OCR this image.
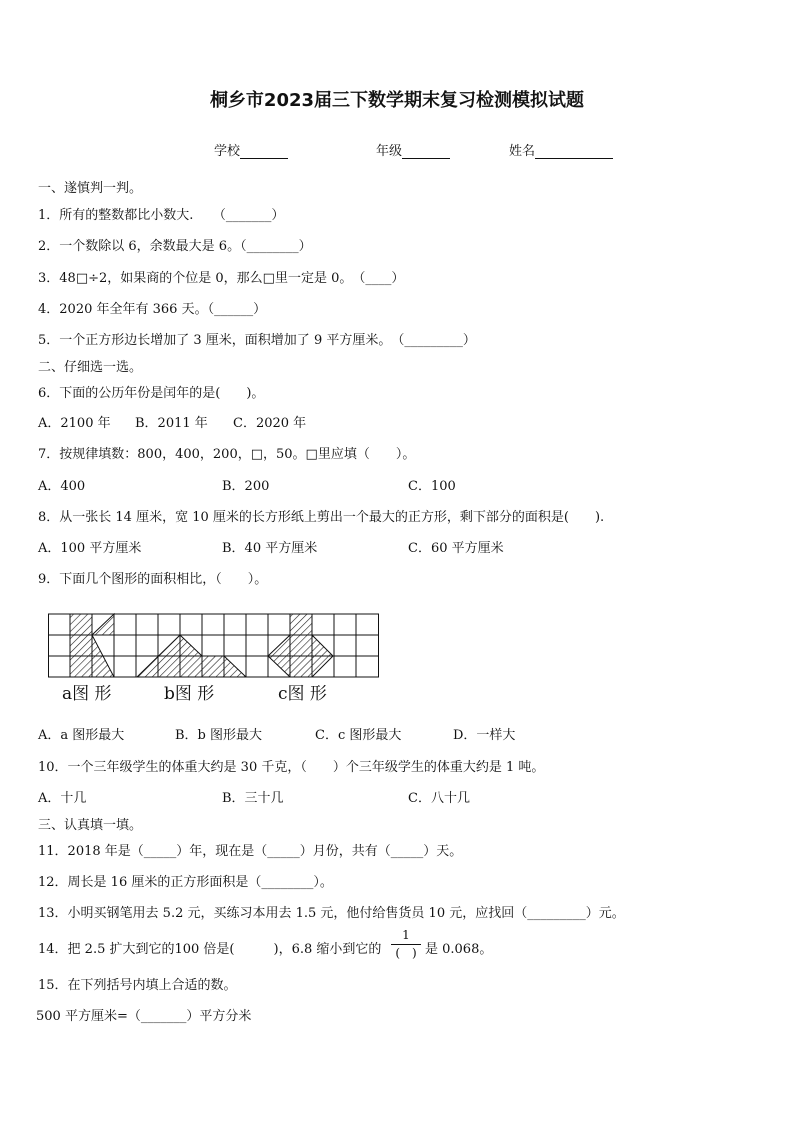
桐乡市2023届三下数学期末复习检测模拟试题
学校	年级	姓名
一、遂慎判一判。
1．所有的整数都比小数大.　　（_______）
2．一个数除以 6，余数最大是 6。（________）
3．48□÷2，如果商的个位是 0，那么□里一定是 0。　（____）
4．2020 年全年有 366 天。（______）
5．一个正方形边长增加了 3 厘米，面积增加了 9 平方厘米。　（_________）
二、仔细选一选。
6．下面的公历年份是闰年的是(　　)。
A．2100 年 B．2011 年 C．2020 年
7．按规律填数：800，400，200，□，50。□里应填（　　）。
A．400	B．200	C．100
8．从一张长 14 厘米，宽 10 厘米的长方形纸上剪出一个最大的正方形，剩下部分的面积是(　　).
A．100 平方厘米	B．40 平方厘米	C．60 平方厘米
9．下面几个图形的面积相比，（　　）。
a图 形	b图 形	c图 形
A．a 图形最大	B．b 图形最大	C．c 图形最大	D．一样大
10．一个三年级学生的体重大约是 30 千克，（　　）个三年级学生的体重大约是 1 吨。
A．十几	B．三十几	C．八十几
三、认真填一填。
11．2018 年是（_____）年，现在是（_____）月份，共有（_____）天。
12．周长是 16 厘米的正方形面积是（________）。
13．小明买钢笔用去 5.2 元，买练习本用去 1.5 元，他付给售货员 10 元，应找回（_________）元。
14．把 2.5 扩大到它的100 倍是(　　　)，6.8 缩小到它的
1
(　) 是 0.068。
15．在下列括号内填上合适的数。
500 平方厘米=（_______）平方分米
